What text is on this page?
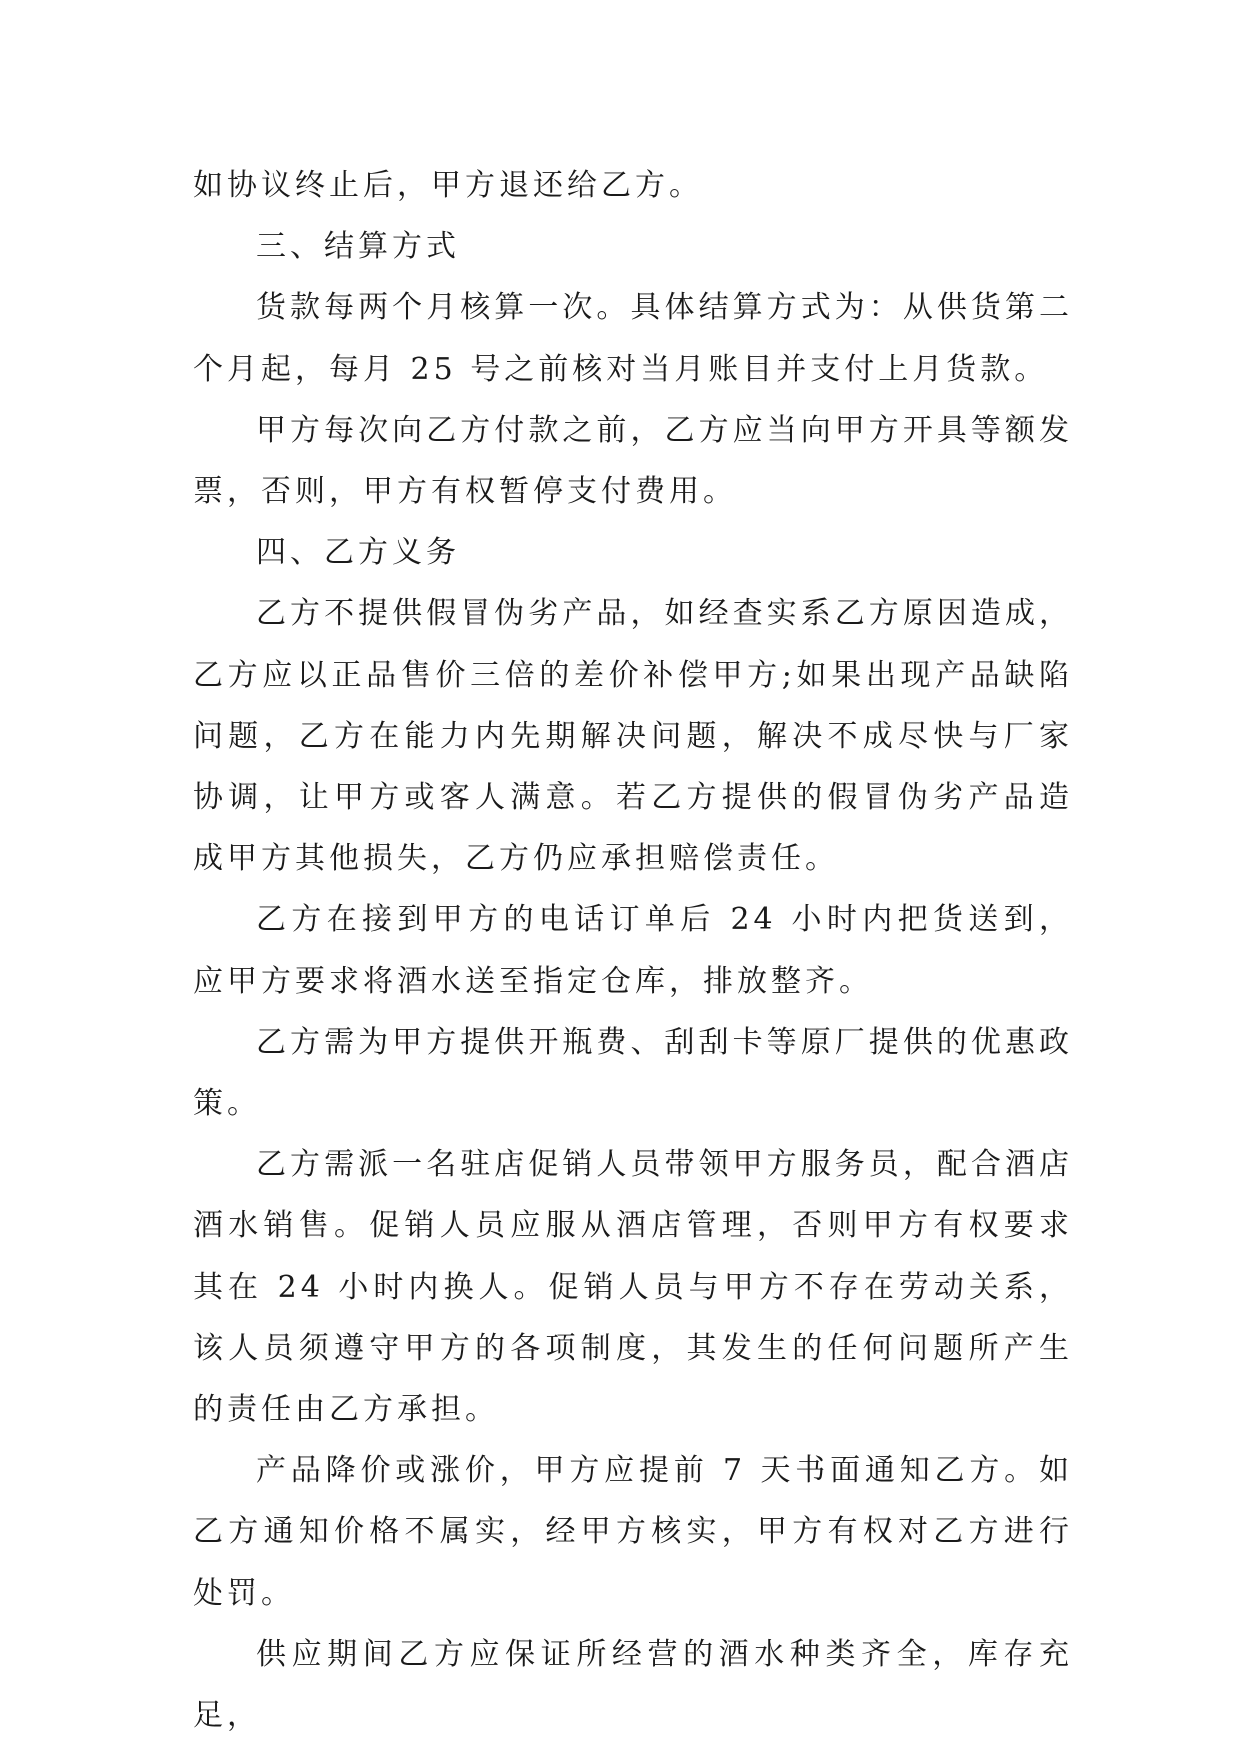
如协议终止后，甲方退还给乙方。

三、结算方式

货款每两个月核算一次。具体结算方式为：从供货第二个月起，每月 25 号之前核对当月账目并支付上月货款。

甲方每次向乙方付款之前，乙方应当向甲方开具等额发票，否则，甲方有权暂停支付费用。

四、乙方义务

乙方不提供假冒伪劣产品，如经查实系乙方原因造成，乙方应以正品售价三倍的差价补偿甲方;如果出现产品缺陷问题，乙方在能力内先期解决问题，解决不成尽快与厂家协调，让甲方或客人满意。若乙方提供的假冒伪劣产品造成甲方其他损失，乙方仍应承担赔偿责任。

乙方在接到甲方的电话订单后 24 小时内把货送到，应甲方要求将酒水送至指定仓库，排放整齐。

乙方需为甲方提供开瓶费、刮刮卡等原厂提供的优惠政策。

乙方需派一名驻店促销人员带领甲方服务员，配合酒店酒水销售。促销人员应服从酒店管理，否则甲方有权要求其在 24 小时内换人。促销人员与甲方不存在劳动关系，该人员须遵守甲方的各项制度，其发生的任何问题所产生的责任由乙方承担。

产品降价或涨价，甲方应提前 7 天书面通知乙方。如乙方通知价格不属实，经甲方核实，甲方有权对乙方进行处罚。

供应期间乙方应保证所经营的酒水种类齐全，库存充足，
